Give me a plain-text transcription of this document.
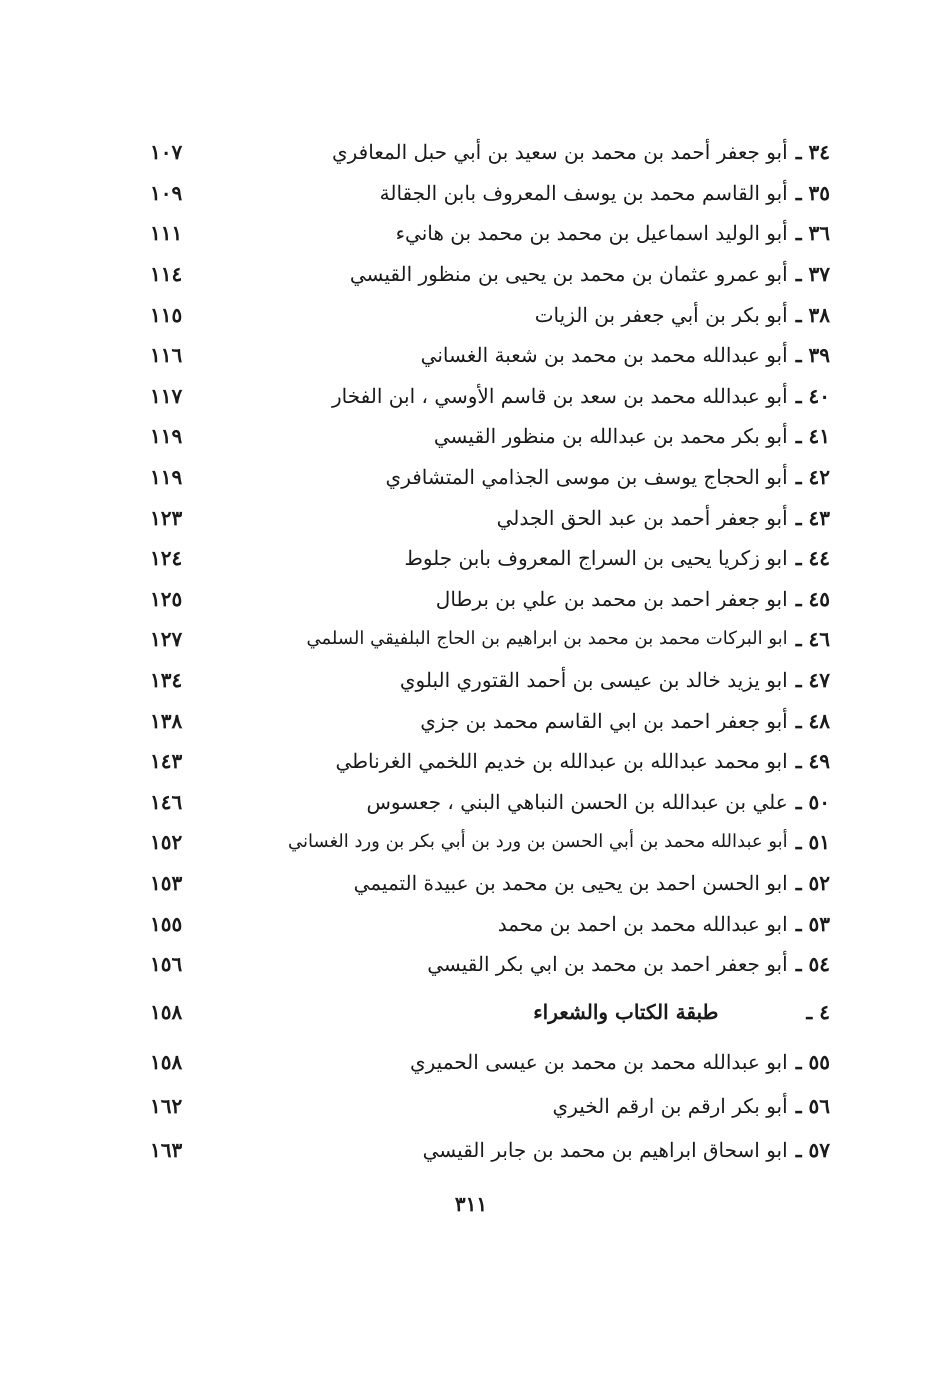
٣٤ ـ
أبو جعفر أحمد بن محمد بن سعيد بن أبي حبل المعافري
١٠٧
٣٥ ـ
أبو القاسم محمد بن يوسف المعروف بابن الجقالة
١٠٩
٣٦ ـ
أبو الوليد اسماعيل بن محمد بن محمد بن هانيء
١١١
٣٧ ـ
أبو عمرو عثمان بن محمد بن يحيى بن منظور القيسي
١١٤
٣٨ ـ
أبو بكر بن أبي جعفر بن الزيات
١١٥
٣٩ ـ
أبو عبدالله محمد بن محمد بن شعبة الغساني
١١٦
٤٠ ـ
أبو عبدالله محمد بن سعد بن قاسم الأوسي ، ابن الفخار
١١٧
٤١ ـ
أبو بكر محمد بن عبدالله بن منظور القيسي
١١٩
٤٢ ـ
أبو الحجاج يوسف بن موسى الجذامي المتشافري
١١٩
٤٣ ـ
أبو جعفر أحمد بن عبد الحق الجدلي
١٢٣
٤٤ ـ
ابو زكريا يحيى بن السراج المعروف بابن جلوط
١٢٤
٤٥ ـ
ابو جعفر احمد بن محمد بن علي بن برطال
١٢٥
٤٦ ـ
ابو البركات محمد بن محمد بن ابراهيم بن الحاج البلفيقي السلمي
١٢٧
٤٧ ـ
ابو يزيد خالد بن عيسى بن أحمد القتوري البلوي
١٣٤
٤٨ ـ
أبو جعفر احمد بن ابي القاسم محمد بن جزي
١٣٨
٤٩ ـ
ابو محمد عبدالله بن عبدالله بن خديم اللخمي الغرناطي
١٤٣
٥٠ ـ
علي بن عبدالله بن الحسن النباهي البني ، جعسوس
١٤٦
٥١ ـ
أبو عبدالله محمد بن أبي الحسن بن ورد بن أبي بكر بن ورد الغساني
١٥٢
٥٢ ـ
ابو الحسن احمد بن يحيى بن محمد بن عبيدة التميمي
١٥٣
٥٣ ـ
ابو عبدالله محمد بن احمد بن محمد
١٥٥
٥٤ ـ
أبو جعفر احمد بن محمد بن ابي بكر القيسي
١٥٦
٤ ـ
طبقة الكتاب والشعراء
١٥٨
٥٥ ـ
ابو عبدالله محمد بن محمد بن عيسى الحميري
١٥٨
٥٦ ـ
أبو بكر ارقم بن ارقم الخيري
١٦٢
٥٧ ـ
ابو اسحاق ابراهيم بن محمد بن جابر القيسي
١٦٣
٣١١
